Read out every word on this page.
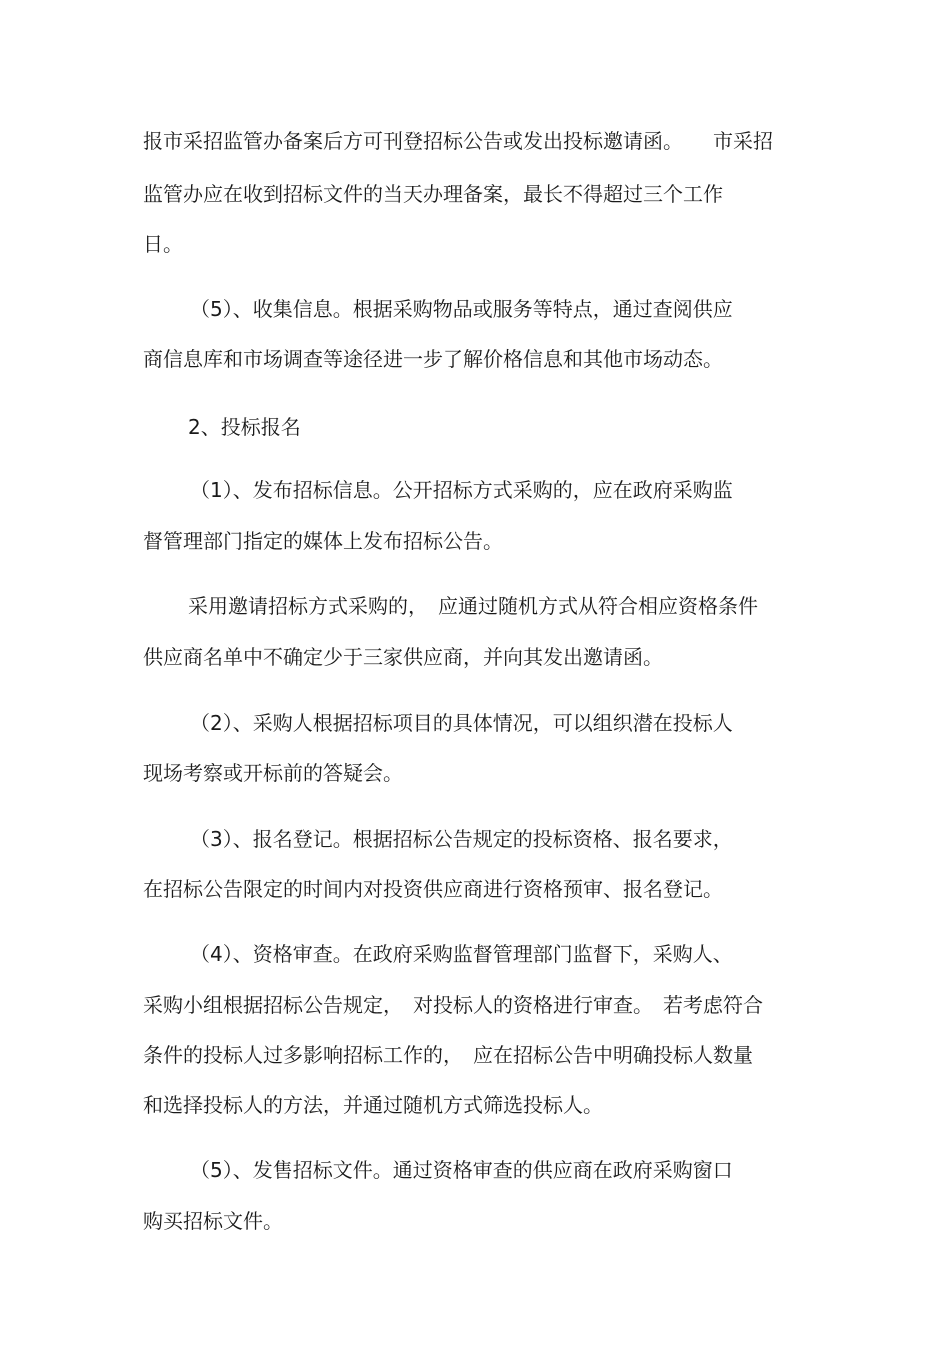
报市采招监管办备案后方可刊登招标公告或发出投标邀请函。　　市采招
监管办应在收到招标文件的当天办理备案，最长不得超过三个工作
日。
（5）、收集信息。根据采购物品或服务等特点，通过查阅供应
商信息库和市场调查等途径进一步了解价格信息和其他市场动态。
2、投标报名
（1）、发布招标信息。公开招标方式采购的，应在政府采购监
督管理部门指定的媒体上发布招标公告。
采用邀请招标方式采购的，　应通过随机方式从符合相应资格条件
供应商名单中不确定少于三家供应商，并向其发出邀请函。
（2）、采购人根据招标项目的具体情况，可以组织潜在投标人
现场考察或开标前的答疑会。
（3）、报名登记。根据招标公告规定的投标资格、报名要求，
在招标公告限定的时间内对投资供应商进行资格预审、报名登记。
（4）、资格审查。在政府采购监督管理部门监督下，采购人、
采购小组根据招标公告规定，　对投标人的资格进行审查。　若考虑符合
条件的投标人过多影响招标工作的，　应在招标公告中明确投标人数量
和选择投标人的方法，并通过随机方式筛选投标人。
（5）、发售招标文件。通过资格审查的供应商在政府采购窗口
购买招标文件。
